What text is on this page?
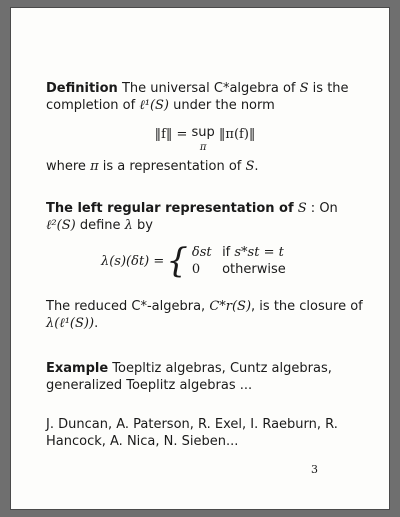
Definition The universal C*algebra of S is the completion of ℓ¹(S) under the norm
‖f‖ = sup
π ‖π(f)‖
where π is a representation of S.
The left regular representation of S : On
ℓ²(S) define λ by
λ(s)(δt) = { δst if s*st = t
0 otherwise
The reduced C*-algebra, C*r(S), is the closure of λ(ℓ¹(S)).
Example Toepltiz algebras, Cuntz algebras, generalized Toeplitz algebras ...
J. Duncan, A. Paterson, R. Exel, I. Raeburn, R. Hancock, A. Nica, N. Sieben...
3
